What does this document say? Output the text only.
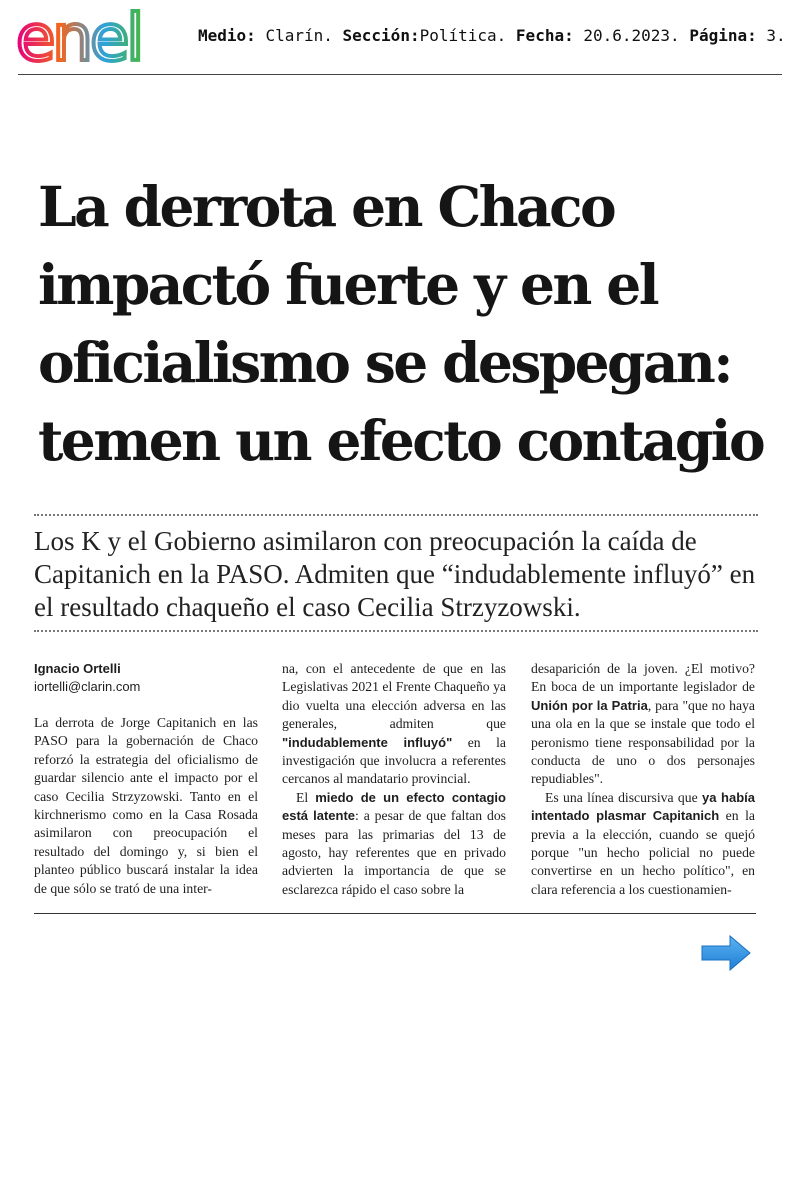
enel	Medio: Clarín. Sección:Política. Fecha: 20.6.2023. Página: 3.
La derrota en Chaco
impactó fuerte y en el
oficialismo se despegan:
temen un efecto contagio

Los K y el Gobierno asimilaron con preocupación la caída de Capitanich en la PASO. Admiten que “indudablemente influyó” en el resultado chaqueño el caso Cecilia Strzyzowski.

Ignacio Ortelli

iortelli@clarin.com

La derrota de Jorge Capitanich en las PASO para la gobernación de Chaco reforzó la estrategia del oficialismo de guardar silencio ante el impacto por el caso Cecilia Strzyzowski. Tanto en el kirchnerismo como en la Casa Rosada asimilaron con preocupación el resultado del domingo y, si bien el planteo público buscará instalar la idea de que sólo se trató de una inter-

na, con el antecedente de que en las Legislativas 2021 el Frente Chaqueño ya dio vuelta una elección adversa en las generales, admiten que "indudablemente influyó" en la investigación que involucra a referentes cercanos al mandatario provincial.

El miedo de un efecto contagio está latente: a pesar de que faltan dos meses para las primarias del 13 de agosto, hay referentes que en privado advierten la importancia de que se esclarezca rápido el caso sobre la

desaparición de la joven. ¿El motivo? En boca de un importante legislador de Unión por la Patria, para "que no haya una ola en la que se instale que todo el peronismo tiene responsabilidad por la conducta de uno o dos personajes repudiables".

Es una línea discursiva que ya había intentado plasmar Capitanich en la previa a la elección, cuando se quejó porque "un hecho policial no puede convertirse en un hecho político", en clara referencia a los cuestionamien-
